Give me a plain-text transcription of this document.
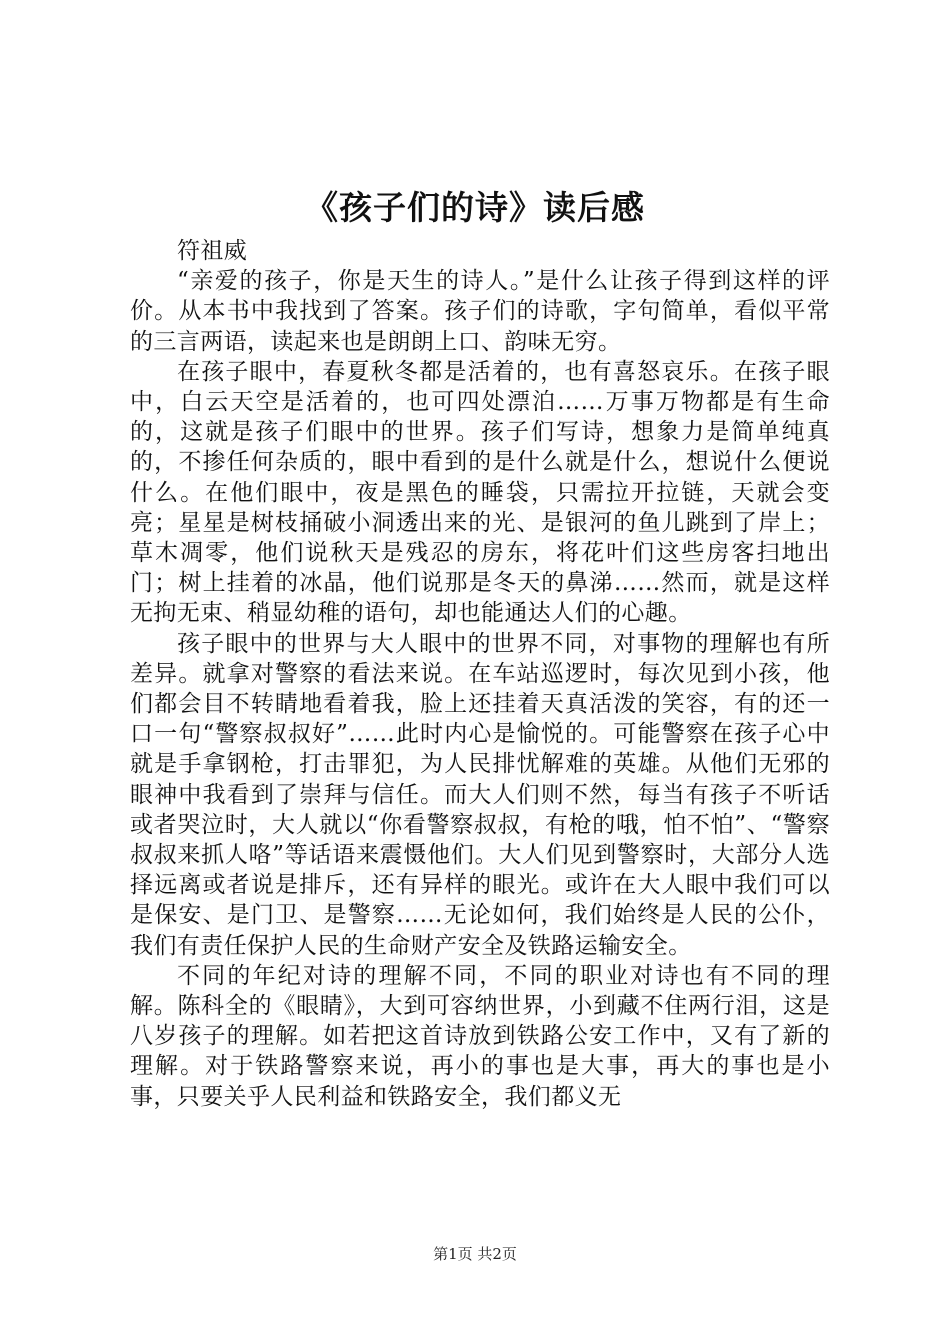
《孩子们的诗》读后感

符祖威

“亲爱的孩子，你是天生的诗人。”是什么让孩子得到这样的评价。从本书中我找到了答案。孩子们的诗歌，字句简单，看似平常的三言两语，读起来也是朗朗上口、韵味无穷。

在孩子眼中，春夏秋冬都是活着的，也有喜怒哀乐。在孩子眼中，白云天空是活着的，也可四处漂泊……万事万物都是有生命的，这就是孩子们眼中的世界。孩子们写诗，想象力是简单纯真的，不掺任何杂质的，眼中看到的是什么就是什么，想说什么便说什么。在他们眼中，夜是黑色的睡袋，只需拉开拉链，天就会变亮；星星是树枝捅破小洞透出来的光、是银河的鱼儿跳到了岸上；草木凋零，他们说秋天是残忍的房东，将花叶们这些房客扫地出门；树上挂着的冰晶，他们说那是冬天的鼻涕……然而，就是这样无拘无束、稍显幼稚的语句，却也能通达人们的心趣。

孩子眼中的世界与大人眼中的世界不同，对事物的理解也有所差异。就拿对警察的看法来说。在车站巡逻时，每次见到小孩，他们都会目不转睛地看着我，脸上还挂着天真活泼的笑容，有的还一口一句“警察叔叔好”……此时内心是愉悦的。可能警察在孩子心中就是手拿钢枪，打击罪犯，为人民排忧解难的英雄。从他们无邪的眼神中我看到了崇拜与信任。而大人们则不然，每当有孩子不听话或者哭泣时，大人就以“你看警察叔叔，有枪的哦，怕不怕”、“警察叔叔来抓人咯”等话语来震慑他们。大人们见到警察时，大部分人选择远离或者说是排斥，还有异样的眼光。或许在大人眼中我们可以是保安、是门卫、是警察……无论如何，我们始终是人民的公仆，我们有责任保护人民的生命财产安全及铁路运输安全。

不同的年纪对诗的理解不同，不同的职业对诗也有不同的理解。陈科全的《眼睛》，大到可容纳世界，小到藏不住两行泪，这是八岁孩子的理解。如若把这首诗放到铁路公安工作中，又有了新的理解。对于铁路警察来说，再小的事也是大事，再大的事也是小事，只要关乎人民利益和铁路安全，我们都义无

第1页 共2页
